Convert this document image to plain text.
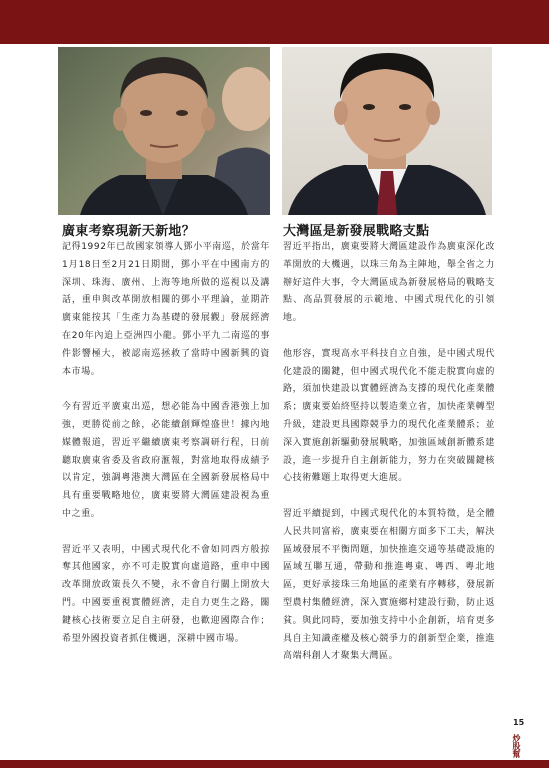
廣東考察現新天新地？	大灣區是新發展戰略支點

記得1992年已故國家領導人鄧小平南巡，於當年1月18日至2月21日期間，鄧小平在中國南方的深圳、珠海、廣州、上海等地所做的巡視以及講話，重申與改革開放相關的鄧小平理論，並期許廣東能按其「生產力為基礎的發展觀」發展經濟在20年內追上亞洲四小龍。鄧小平九二南巡的事件影響極大，被認南巡拯救了當時中國新興的資本市場。

今有習近平廣東出巡，想必能為中國香港強上加強，更勝從前之餘，必能續創輝煌盛世！據內地媒體報道，習近平繼續廣東考察調研行程，日前聽取廣東省委及省政府滙報，對當地取得成績予以肯定，強調粵港澳大灣區在全國新發展格局中具有重要戰略地位，廣東要將大灣區建設視為重中之重。

習近平又表明，中國式現代化不會如同西方般掠奪其他國家，亦不可走脫實向虛道路，重申中國改革開放政策長久不變，永不會自行關上開放大門。中國要重視實體經濟，走自力更生之路，關鍵核心技術要立足自主研發，也歡迎國際合作；希望外國投資者抓住機遇，深耕中國市場。

習近平指出，廣東要將大灣區建設作為廣東深化改革開放的大機遇，以珠三角為主陣地，舉全省之力辦好這件大事，令大灣區成為新發展格局的戰略支點、高品質發展的示範地、中國式現代化的引領地。

他形容，實現高水平科技自立自強，是中國式現代化建設的關鍵，但中國式現代化不能走脫實向虛的路，須加快建設以實體經濟為支撐的現代化產業體系；廣東要始終堅持以製造業立省，加快產業轉型升級，建設更具國際競爭力的現代化產業體系；並深入實施創新驅動發展戰略，加強區域創新體系建設，進一步提升自主創新能力，努力在突破關鍵核心技術難題上取得更大進展。

習近平續提到，中國式現代化的本質特徵，是全體人民共同富裕，廣東要在相關方面多下工夫，解決區域發展不平衡問題，加快推進交通等基礎設施的區域互聯互通，帶動和推進粵東、粵西、粵北地區，更好承接珠三角地區的產業有序轉移，發展新型農村集體經濟，深入實施鄉村建設行動，防止返貧。與此同時，要加強支持中小企創新，培育更多具自主知識產權及核心競爭力的創新型企業，推進高端科創人才聚集大灣區。

15

炒股幫
